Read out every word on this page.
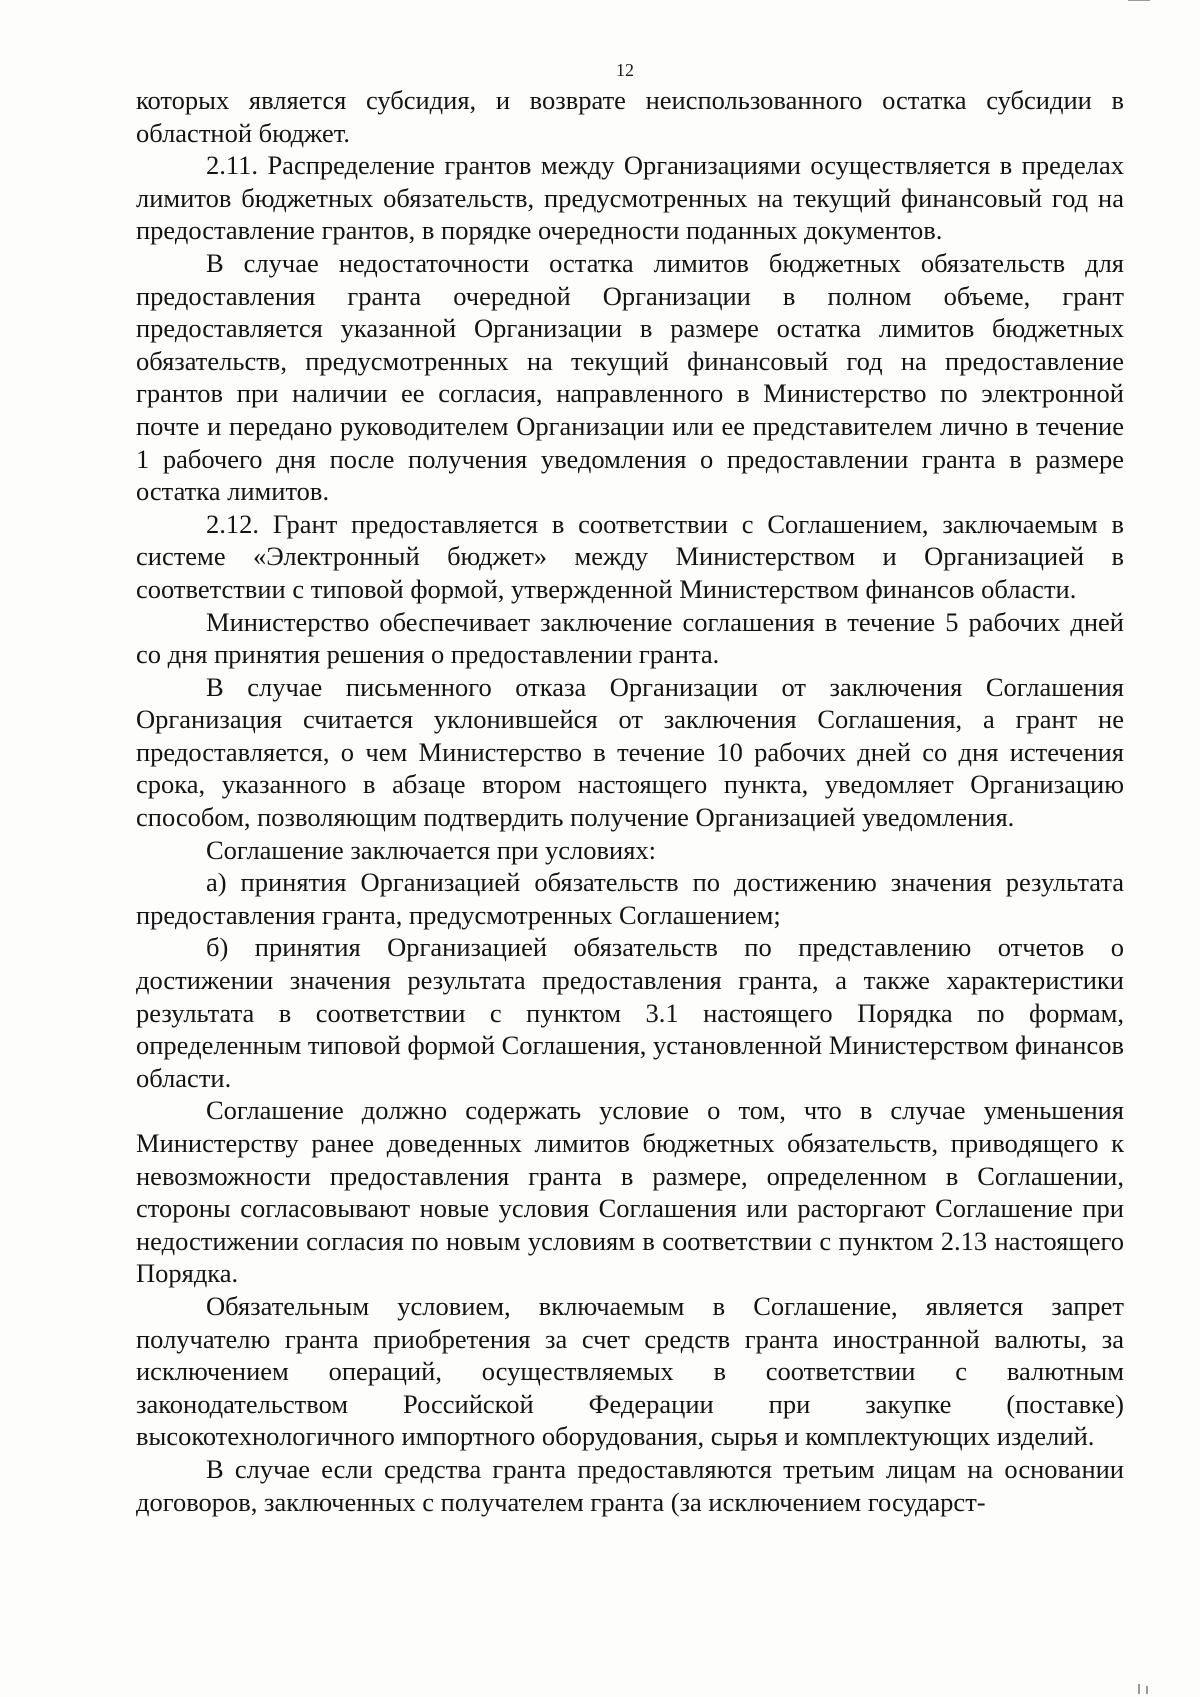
12

которых является субсидия, и возврате неиспользованного остатка субсидии в областной бюджет.

2.11. Распределение грантов между Организациями осуществляется в пределах лимитов бюджетных обязательств, предусмотренных на текущий финансовый год на предоставление грантов, в порядке очередности поданных документов.

В случае недостаточности остатка лимитов бюджетных обязательств для предоставления гранта очередной Организации в полном объеме, грант предоставляется указанной Организации в размере остатка лимитов бюджетных обязательств, предусмотренных на текущий финансовый год на предоставление грантов при наличии ее согласия, направленного в Министерство по электронной почте и передано руководителем Организации или ее представителем лично в течение 1 рабочего дня после получения уведомления о предоставлении гранта в размере остатка лимитов.

2.12. Грант предоставляется в соответствии с Соглашением, заключаемым в системе «Электронный бюджет» между Министерством и Организацией в соответствии с типовой формой, утвержденной Министерством финансов области.

Министерство обеспечивает заключение соглашения в течение 5 рабочих дней со дня принятия решения о предоставлении гранта.

В случае письменного отказа Организации от заключения Соглашения Организация считается уклонившейся от заключения Соглашения, а грант не предоставляется, о чем Министерство в течение 10 рабочих дней со дня истечения срока, указанного в абзаце втором настоящего пункта, уведомляет Организацию способом, позволяющим подтвердить получение Организацией уведомления.

Соглашение заключается при условиях:

а) принятия Организацией обязательств по достижению значения результата предоставления гранта, предусмотренных Соглашением;

б) принятия Организацией обязательств по представлению отчетов о достижении значения результата предоставления гранта, а также характеристики результата в соответствии с пунктом 3.1 настоящего Порядка по формам, определенным типовой формой Соглашения, установленной Министерством финансов области.

Соглашение должно содержать условие о том, что в случае уменьшения Министерству ранее доведенных лимитов бюджетных обязательств, приводящего к невозможности предоставления гранта в размере, определенном в Соглашении, стороны согласовывают новые условия Соглашения или расторгают Соглашение при недостижении согласия по новым условиям в соответствии с пунктом 2.13 настоящего Порядка.

Обязательным условием, включаемым в Соглашение, является запрет получателю гранта приобретения за счет средств гранта иностранной валюты, за исключением операций, осуществляемых в соответствии с валютным законодательством Российской Федерации при закупке (поставке) высокотехнологичного импортного оборудования, сырья и комплектующих изделий.

В случае если средства гранта предоставляются третьим лицам на основании договоров, заключенных с получателем гранта (за исключением государст-
